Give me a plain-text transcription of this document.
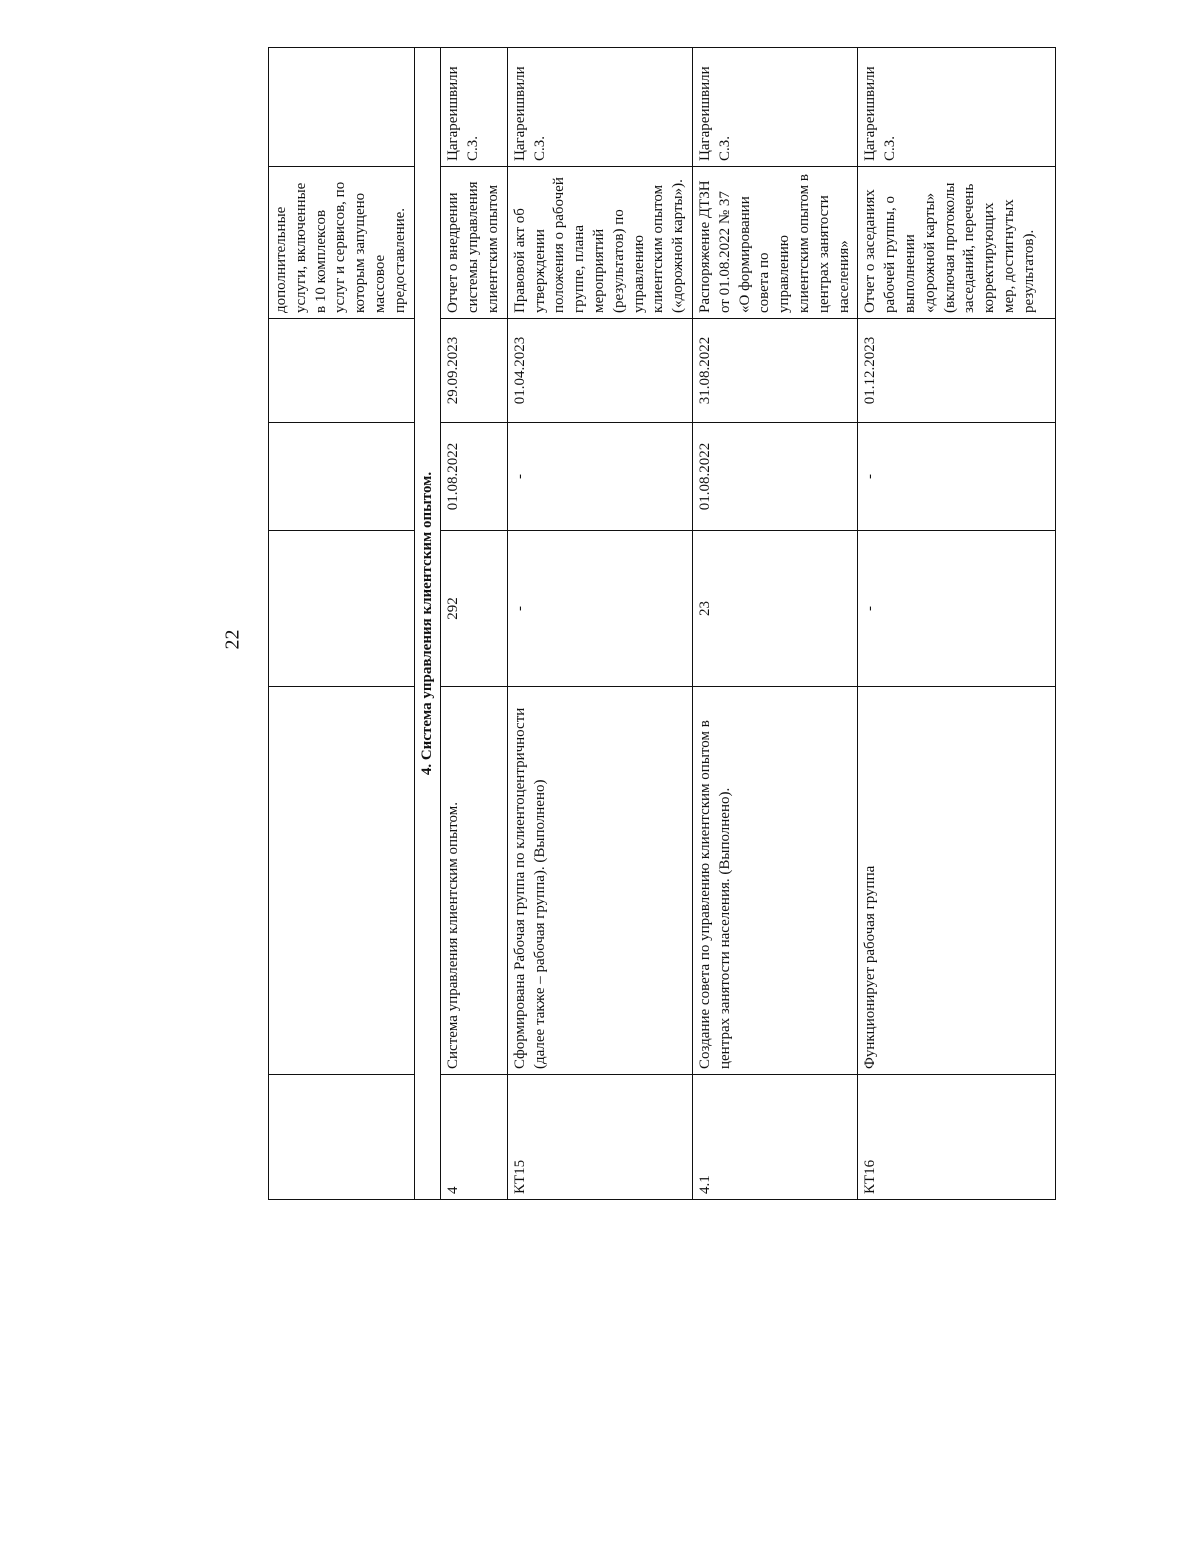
22
					дополнительные услуги, включенные в 10 комплексов услуг и сервисов, по которым запущено массовое предоставление.	
4. Система управления клиентским опытом.						
4	Система управления клиентским опытом.	292	01.08.2022	29.09.2023	Отчет о внедрении системы управления клиентским опытом	Цагареишвили С.З.
КТ15	Сформирована Рабочая группа по клиентоцентричности (далее также – рабочая группа). (Выполнено)	-	-	01.04.2023	Правовой акт об утверждении положения о рабочей группе, плана мероприятий (результатов) по управлению клиентским опытом («дорожной карты»).	Цагареишвили С.З.
4.1	Создание совета по управлению клиентским опытом в центрах занятости населения. (Выполнено).	23	01.08.2022	31.08.2022	Распоряжение ДТЗН от 01.08.2022 № 37 «О формировании совета по управлению клиентским опытом в центрах занятости населения»	Цагареишвили С.З.
КТ16	Функционирует рабочая группа	-	-	01.12.2023	Отчет о заседаниях рабочей группы, о выполнении «дорожной карты» (включая протоколы заседаний, перечень корректирующих мер, достигнутых результатов).	Цагареишвили С.З.
